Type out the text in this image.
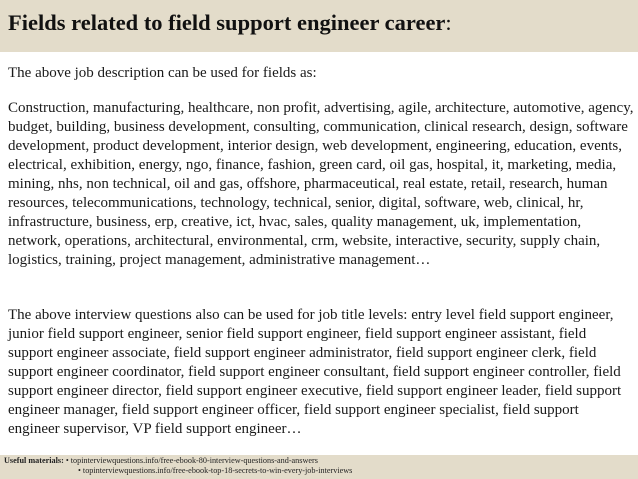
Fields related to field support engineer career:
The above job description can be used for fields as:
Construction, manufacturing, healthcare, non profit, advertising, agile, architecture, automotive, agency, budget, building, business development, consulting, communication, clinical research, design, software development, product development, interior design, web development, engineering, education, events, electrical, exhibition, energy, ngo, finance, fashion, green card, oil gas, hospital, it, marketing, media, mining, nhs, non technical, oil and gas, offshore, pharmaceutical, real estate, retail, research, human resources, telecommunications, technology, technical, senior, digital, software, web, clinical, hr, infrastructure, business, erp, creative, ict, hvac, sales, quality management, uk, implementation, network, operations, architectural, environmental, crm, website, interactive, security, supply chain, logistics, training, project management, administrative management…
The above interview questions also can be used for job title levels: entry level field support engineer, junior field support engineer, senior field support engineer, field support engineer assistant, field support engineer associate, field support engineer administrator, field support engineer clerk, field support engineer coordinator, field support engineer consultant, field support engineer controller, field support engineer director, field support engineer executive, field support engineer leader, field support engineer manager, field support engineer officer, field support engineer specialist, field support engineer supervisor, VP field support engineer…
Useful materials: • topinterviewquestions.info/free-ebook-80-interview-questions-and-answers
• topinterviewquestions.info/free-ebook-top-18-secrets-to-win-every-job-interviews
